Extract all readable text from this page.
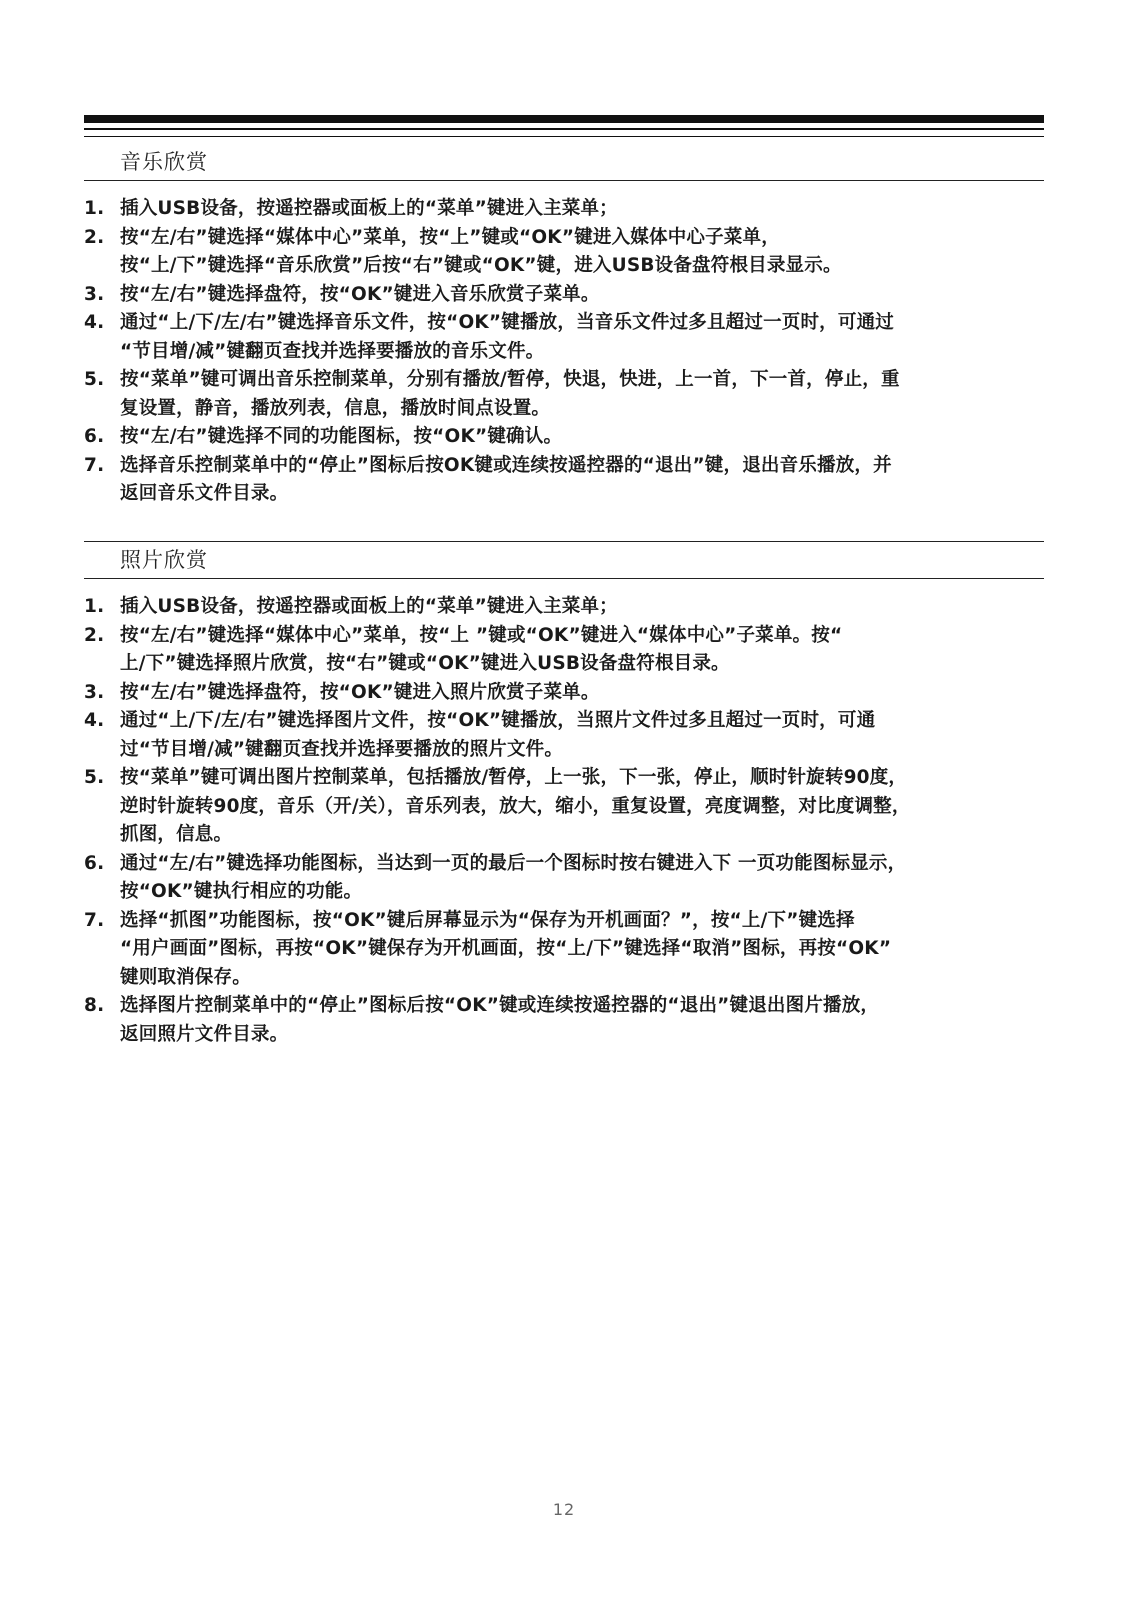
音乐欣赏
1. 插入USB设备，按遥控器或面板上的“菜单”键进入主菜单；
2. 按“左/右”键选择“媒体中心”菜单，按“上”键或“OK”键进入媒体中心子菜单，
按“上/下”键选择“音乐欣赏”后按“右”键或“OK”键，进入USB设备盘符根目录显示。
3. 按“左/右”键选择盘符，按“OK”键进入音乐欣赏子菜单。
4. 通过“上/下/左/右”键选择音乐文件，按“OK”键播放，当音乐文件过多且超过一页时，可通过
“节目增/减”键翻页查找并选择要播放的音乐文件。
5. 按“菜单”键可调出音乐控制菜单，分别有播放/暂停，快退，快进，上一首，下一首，停止，重
复设置，静音，播放列表，信息，播放时间点设置。
6. 按“左/右”键选择不同的功能图标，按“OK”键确认。
7. 选择音乐控制菜单中的“停止”图标后按OK键或连续按遥控器的“退出”键，退出音乐播放，并
返回音乐文件目录。
照片欣赏
1. 插入USB设备，按遥控器或面板上的“菜单”键进入主菜单；
2. 按“左/右”键选择“媒体中心”菜单，按“上 ”键或“OK”键进入“媒体中心”子菜单。按“
上/下”键选择照片欣赏，按“右”键或“OK”键进入USB设备盘符根目录。
3. 按“左/右”键选择盘符，按“OK”键进入照片欣赏子菜单。
4. 通过“上/下/左/右”键选择图片文件，按“OK”键播放，当照片文件过多且超过一页时，可通
过“节目增/减”键翻页查找并选择要播放的照片文件。
5. 按“菜单”键可调出图片控制菜单，包括播放/暂停，上一张，下一张，停止，顺时针旋转90度，
逆时针旋转90度，音乐（开/关），音乐列表，放大，缩小，重复设置，亮度调整，对比度调整，
抓图，信息。
6. 通过“左/右”键选择功能图标，当达到一页的最后一个图标时按右键进入下 一页功能图标显示，
按“OK”键执行相应的功能。
7. 选择“抓图”功能图标，按“OK”键后屏幕显示为“保存为开机画面？”，按“上/下”键选择
“用户画面”图标，再按“OK”键保存为开机画面，按“上/下”键选择“取消”图标，再按“OK”
键则取消保存。
8. 选择图片控制菜单中的“停止”图标后按“OK”键或连续按遥控器的“退出”键退出图片播放，
返回照片文件目录。
12
